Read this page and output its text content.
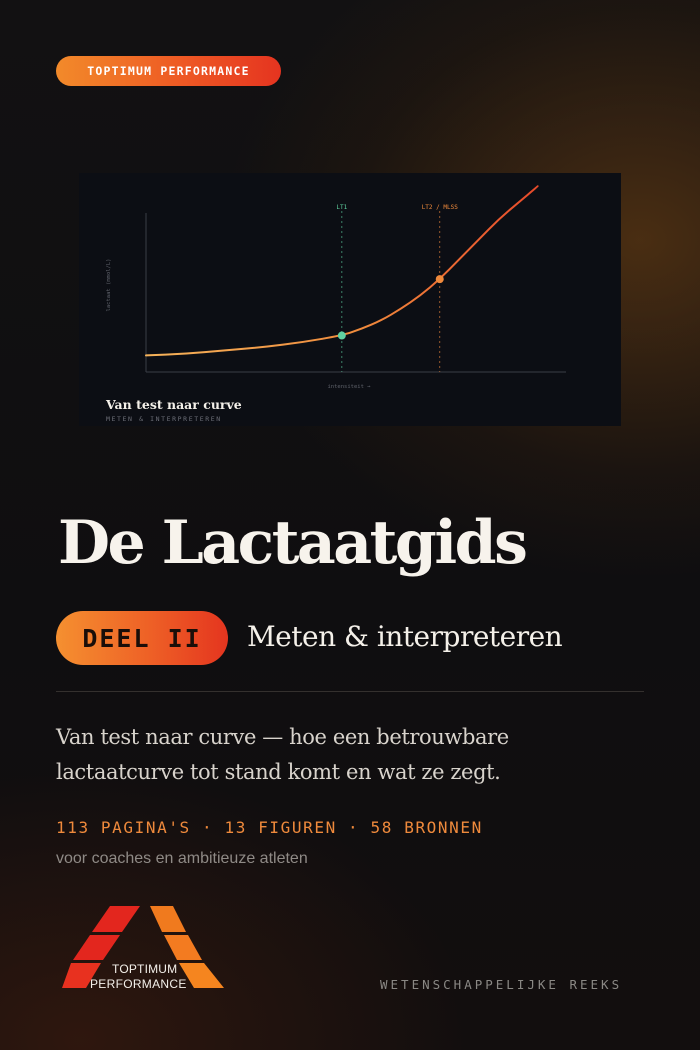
TOPTIMUM PERFORMANCE
lactaat (mmol/L)
intensiteit →
LT1	LT2 / MLSS
Van test naar curve
METEN & INTERPRETEREN
De Lactaatgids
DEEL II	Meten & interpreteren
Van test naar curve — hoe een betrouwbare
lactaatcurve tot stand komt en wat ze zegt.
113 PAGINA'S · 13 FIGUREN · 58 BRONNEN
voor coaches en ambitieuze atleten
TOPTIMUM
PERFORMANCE	WETENSCHAPPELIJKE REEKS
